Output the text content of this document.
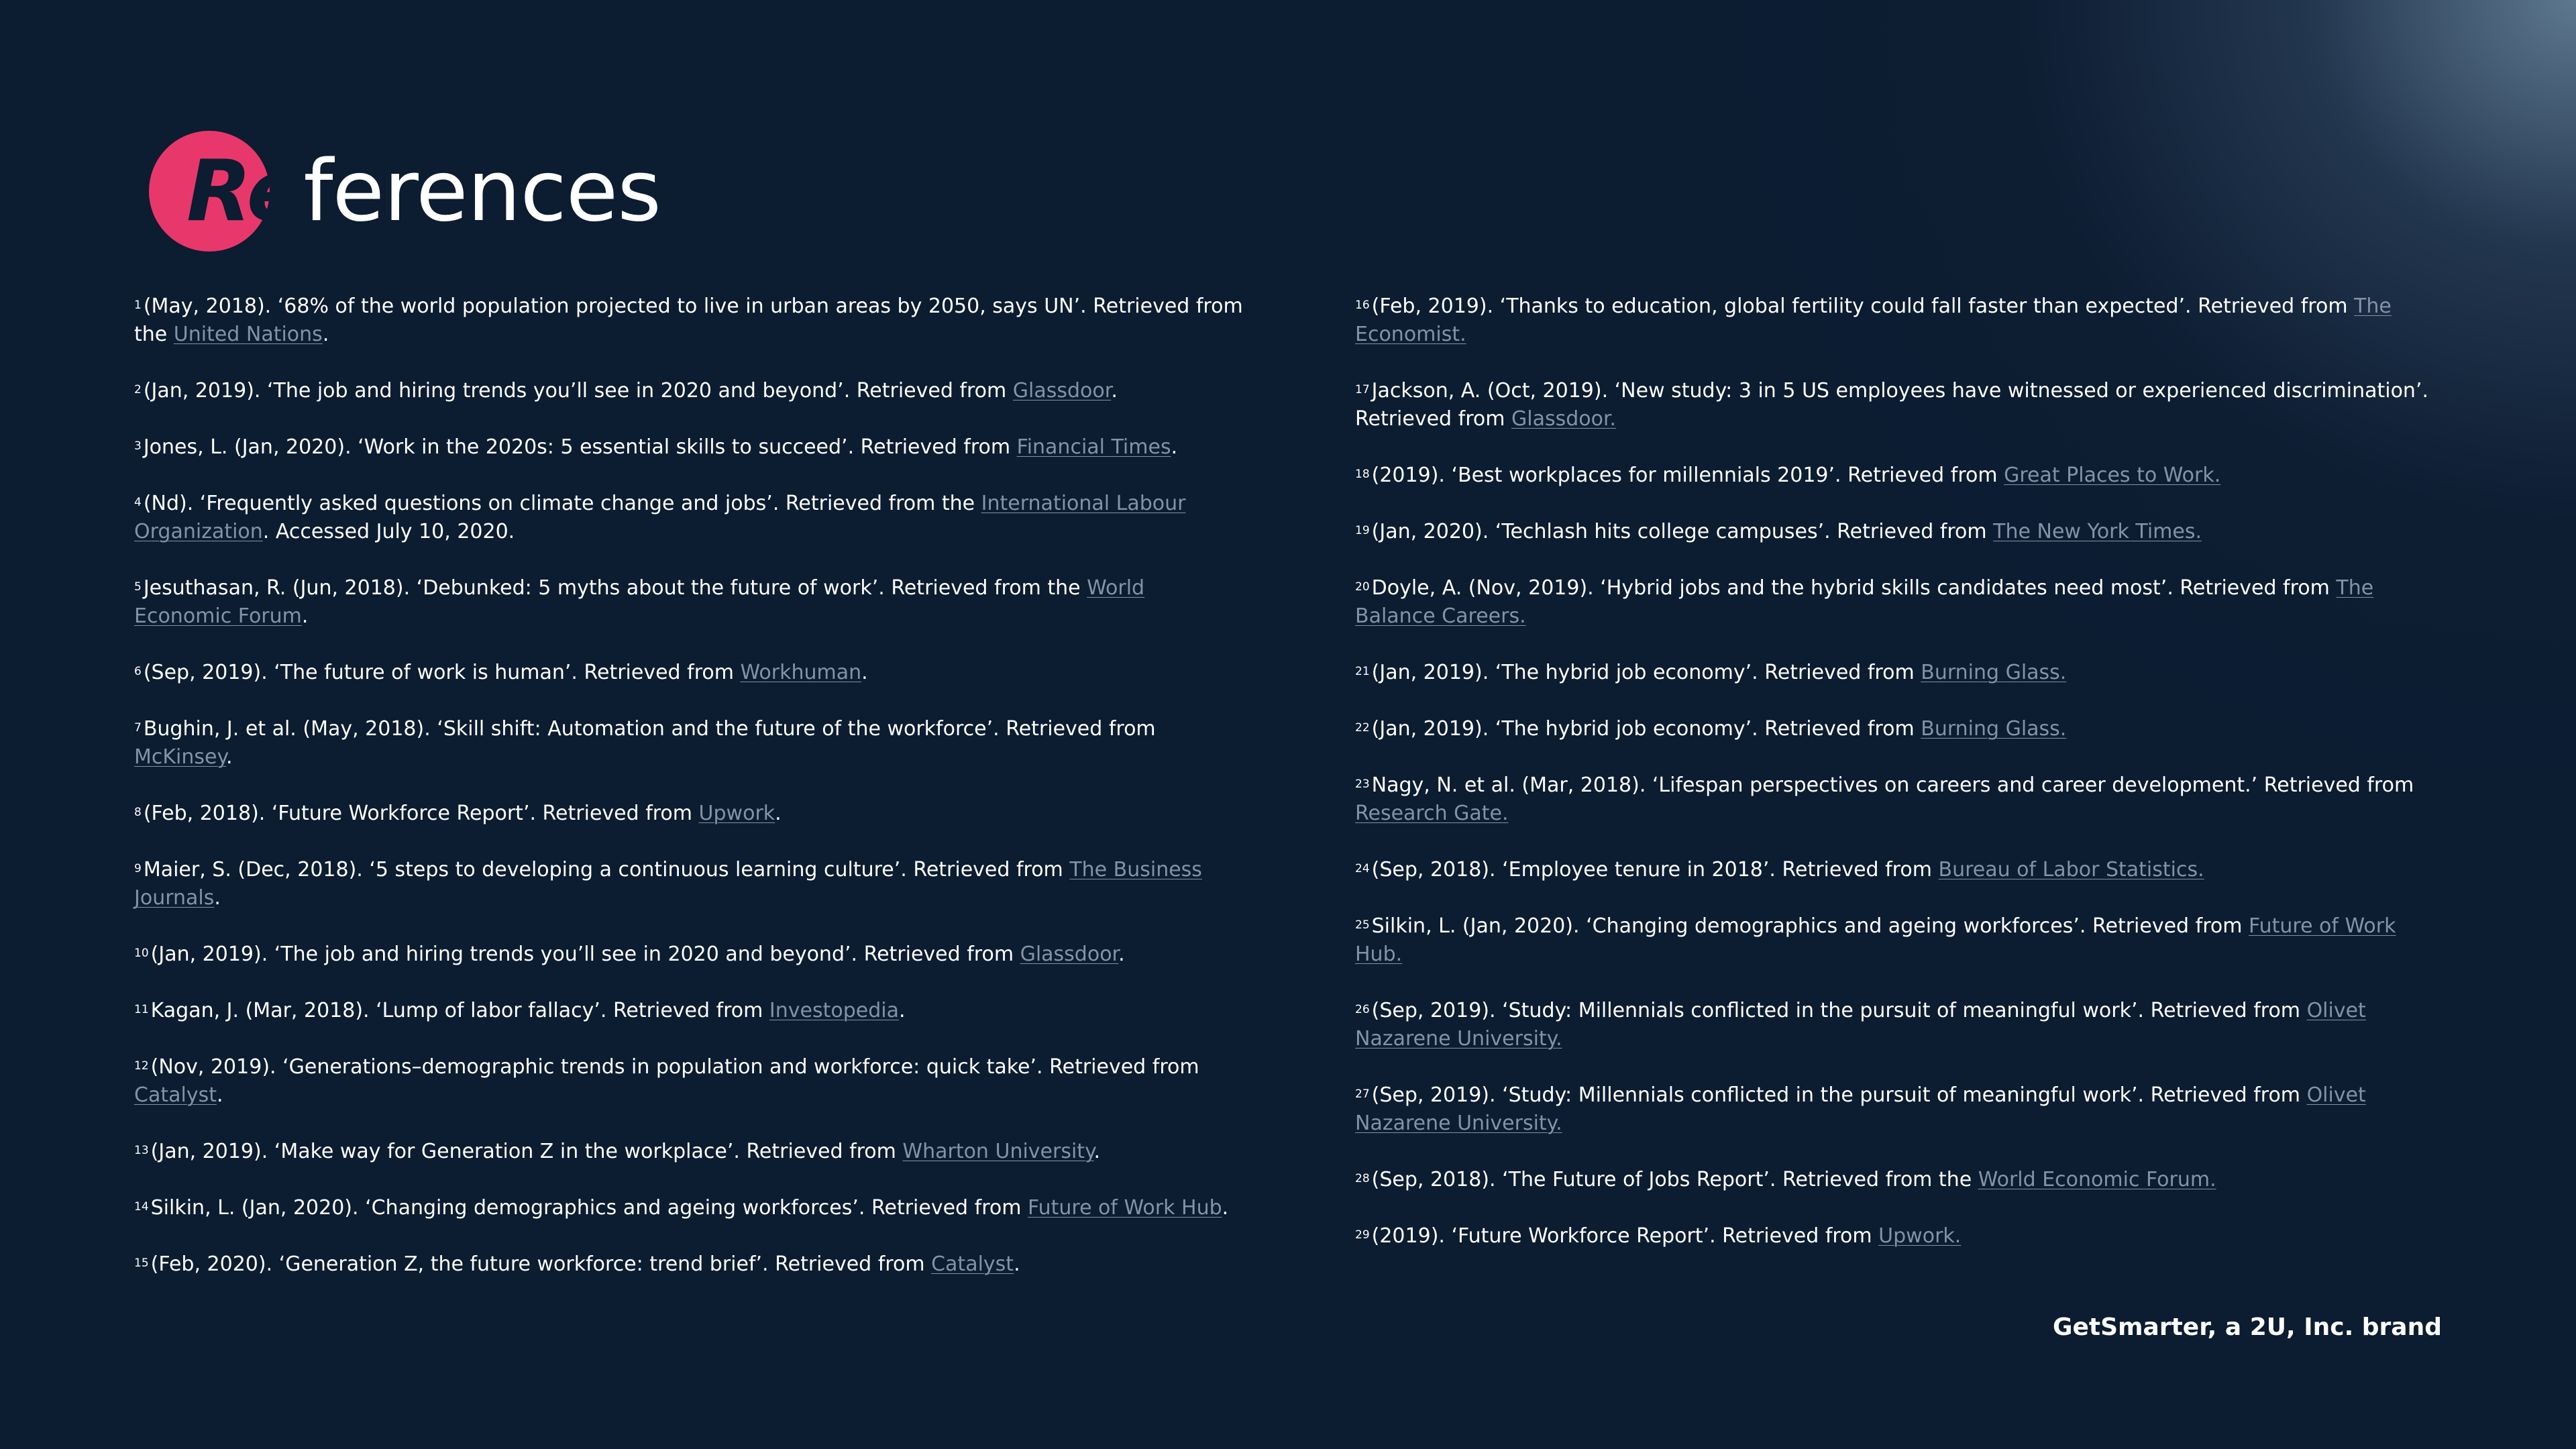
References

$^1$ (May, 2018). ‘68% of the world population projected to live in urban areas by 2050, says UN’. Retrieved from the United Nations.

$^2$ (Jan, 2019). ‘The job and hiring trends you’ll see in 2020 and beyond’. Retrieved from Glassdoor.

$^3$ Jones, L. (Jan, 2020). ‘Work in the 2020s: 5 essential skills to succeed’. Retrieved from Financial Times.

$^4$ (Nd). ‘Frequently asked questions on climate change and jobs’. Retrieved from the International Labour Organization. Accessed July 10, 2020.

$^5$ Jesuthasan, R. (Jun, 2018). ‘Debunked: 5 myths about the future of work’. Retrieved from the World Economic Forum.

$^6$ (Sep, 2019). ‘The future of work is human’. Retrieved from Workhuman.

$^7$ Bughin, J. et al. (May, 2018). ‘Skill shift: Automation and the future of the workforce’. Retrieved from McKinsey.

$^8$ (Feb, 2018). ‘Future Workforce Report’. Retrieved from Upwork.

$^9$ Maier, S. (Dec, 2018). ‘5 steps to developing a continuous learning culture’. Retrieved from The Business Journals.

$^{10}$ (Jan, 2019). ‘The job and hiring trends you’ll see in 2020 and beyond’. Retrieved from Glassdoor.

$^{11}$ Kagan, J. (Mar, 2018). ‘Lump of labor fallacy’. Retrieved from Investopedia.

$^{12}$ (Nov, 2019). ‘Generations–demographic trends in population and workforce: quick take’. Retrieved from Catalyst.

$^{13}$ (Jan, 2019). ‘Make way for Generation Z in the workplace’. Retrieved from Wharton University.

$^{14}$ Silkin, L. (Jan, 2020). ‘Changing demographics and ageing workforces’. Retrieved from Future of Work Hub.

$^{15}$ (Feb, 2020). ‘Generation Z, the future workforce: trend brief’. Retrieved from Catalyst.

$^{16}$ (Feb, 2019). ‘Thanks to education, global fertility could fall faster than expected’. Retrieved from The Economist.

$^{17}$ Jackson, A. (Oct, 2019). ‘New study: 3 in 5 US employees have witnessed or experienced discrimination’. Retrieved from Glassdoor.

$^{18}$ (2019). ‘Best workplaces for millennials 2019’. Retrieved from Great Places to Work.

$^{19}$ (Jan, 2020). ‘Techlash hits college campuses’. Retrieved from The New York Times.

$^{20}$ Doyle, A. (Nov, 2019). ‘Hybrid jobs and the hybrid skills candidates need most’. Retrieved from The Balance Careers.

$^{21}$ (Jan, 2019). ‘The hybrid job economy’. Retrieved from Burning Glass.

$^{22}$ (Jan, 2019). ‘The hybrid job economy’. Retrieved from Burning Glass.

$^{23}$ Nagy, N. et al. (Mar, 2018). ‘Lifespan perspectives on careers and career development.’ Retrieved from Research Gate.

$^{24}$ (Sep, 2018). ‘Employee tenure in 2018’. Retrieved from Bureau of Labor Statistics.

$^{25}$ Silkin, L. (Jan, 2020). ‘Changing demographics and ageing workforces’. Retrieved from Future of Work Hub.

$^{26}$ (Sep, 2019). ‘Study: Millennials conflicted in the pursuit of meaningful work’. Retrieved from Olivet Nazarene University.

$^{27}$ (Sep, 2019). ‘Study: Millennials conflicted in the pursuit of meaningful work’. Retrieved from Olivet Nazarene University.

$^{28}$ (Sep, 2018). ‘The Future of Jobs Report’. Retrieved from the World Economic Forum.

$^{29}$ (2019). ‘Future Workforce Report’. Retrieved from Upwork.

GetSmarter, a 2U, Inc. brand
